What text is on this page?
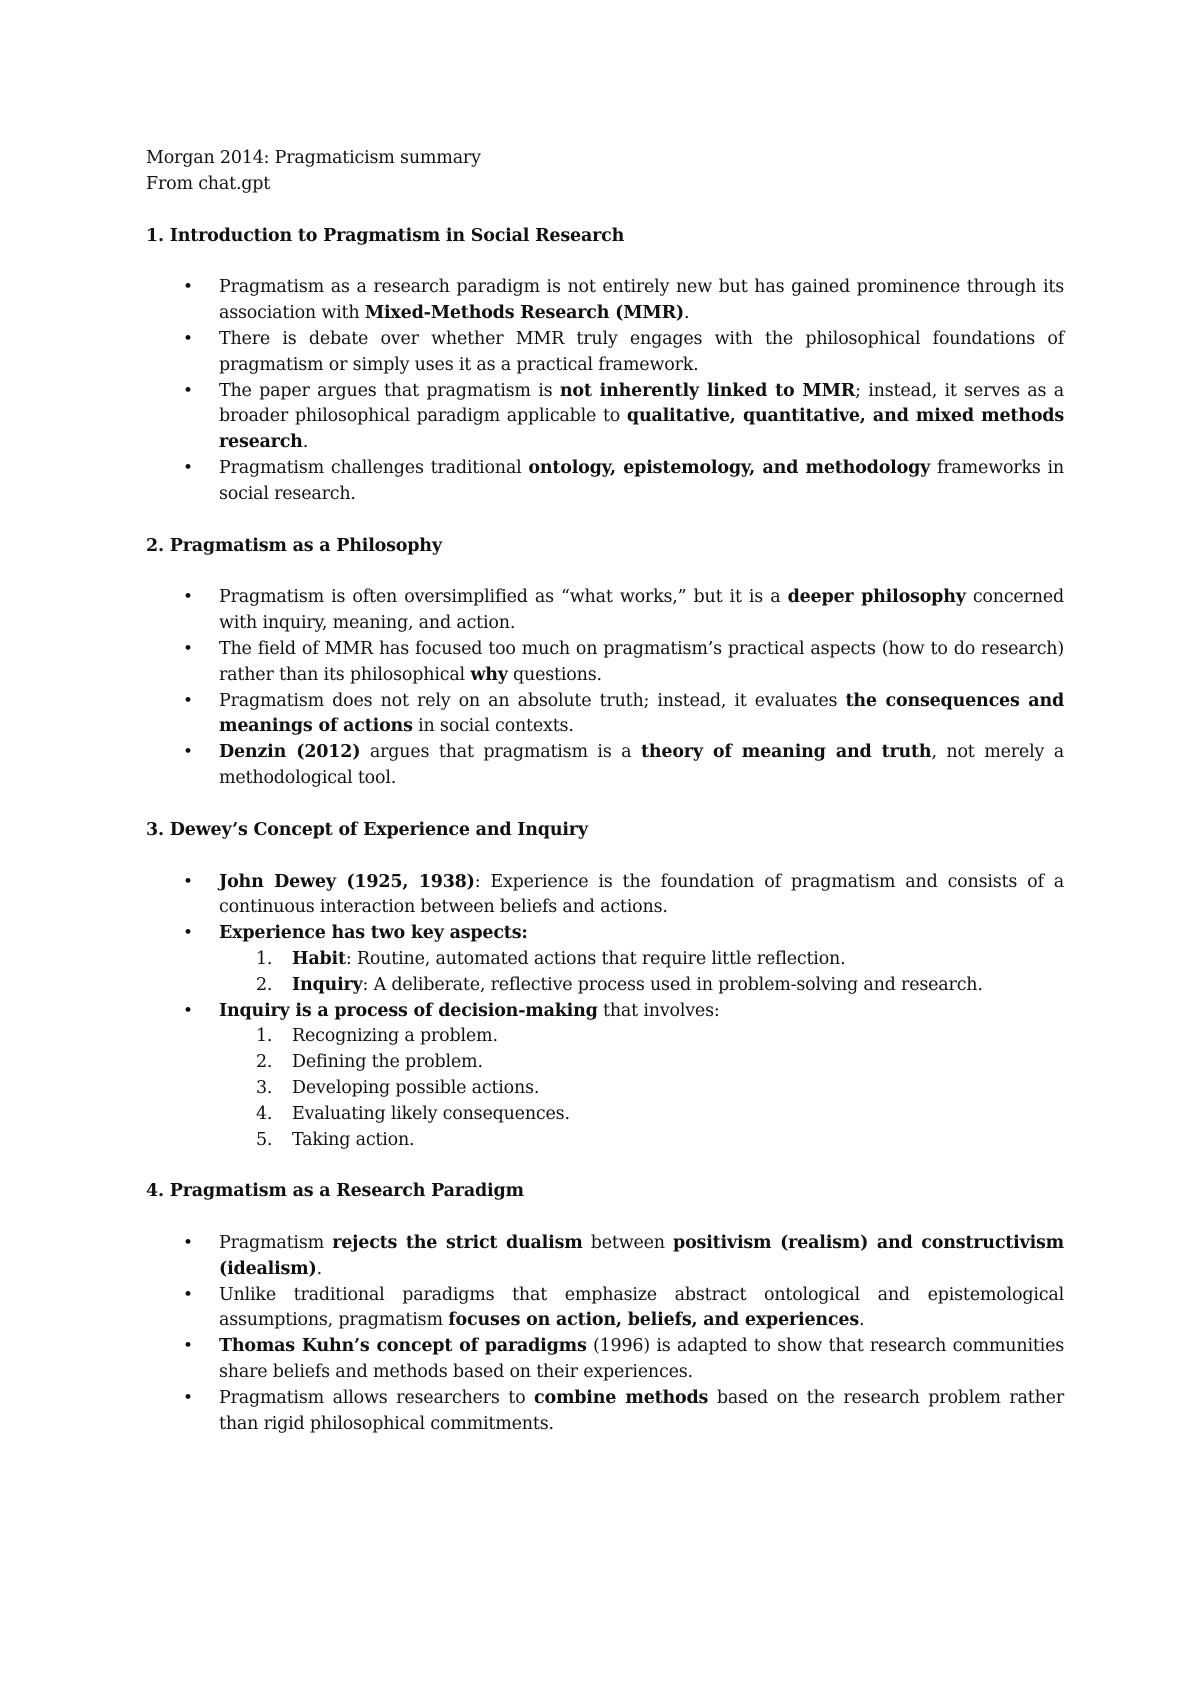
Morgan 2014: Pragmaticism summary
From chat.gpt
1. Introduction to Pragmatism in Social Research
• Pragmatism as a research paradigm is not entirely new but has gained prominence through its association with Mixed-Methods Research (MMR).
• There is debate over whether MMR truly engages with the philosophical foundations of pragmatism or simply uses it as a practical framework.
• The paper argues that pragmatism is not inherently linked to MMR; instead, it serves as a broader philosophical paradigm applicable to qualitative, quantitative, and mixed methods research.
• Pragmatism challenges traditional ontology, epistemology, and methodology frameworks in social research.
2. Pragmatism as a Philosophy
• Pragmatism is often oversimplified as “what works,” but it is a deeper philosophy concerned with inquiry, meaning, and action.
• The field of MMR has focused too much on pragmatism’s practical aspects (how to do research) rather than its philosophical why questions.
• Pragmatism does not rely on an absolute truth; instead, it evaluates the consequences and meanings of actions in social contexts.
• Denzin (2012) argues that pragmatism is a theory of meaning and truth, not merely a methodological tool.
3. Dewey’s Concept of Experience and Inquiry
• John Dewey (1925, 1938): Experience is the foundation of pragmatism and consists of a continuous interaction between beliefs and actions.
• Experience has two key aspects:
1. Habit: Routine, automated actions that require little reflection.
2. Inquiry: A deliberate, reflective process used in problem-solving and research.
• Inquiry is a process of decision-making that involves:
1. Recognizing a problem.
2. Defining the problem.
3. Developing possible actions.
4. Evaluating likely consequences.
5. Taking action.
4. Pragmatism as a Research Paradigm
• Pragmatism rejects the strict dualism between positivism (realism) and constructivism (idealism).
• Unlike traditional paradigms that emphasize abstract ontological and epistemological assumptions, pragmatism focuses on action, beliefs, and experiences.
• Thomas Kuhn’s concept of paradigms (1996) is adapted to show that research communities share beliefs and methods based on their experiences.
• Pragmatism allows researchers to combine methods based on the research problem rather than rigid philosophical commitments.
